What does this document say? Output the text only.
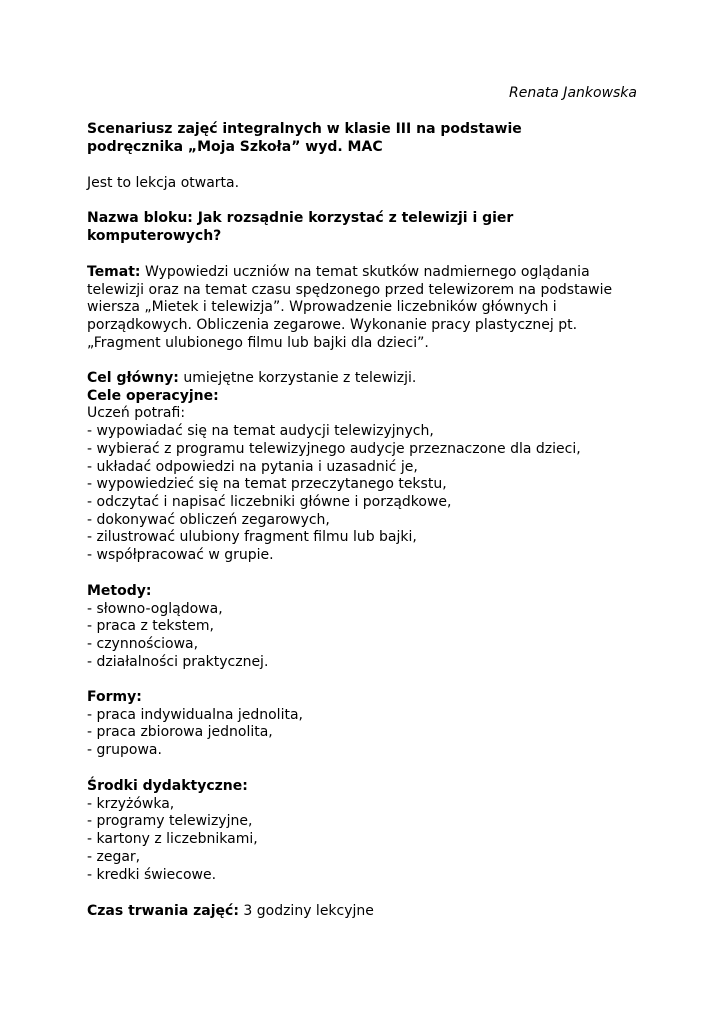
Renata Jankowska
Scenariusz zajęć integralnych w klasie III na podstawie
podręcznika „Moja Szkoła” wyd. MAC
Jest to lekcja otwarta.
Nazwa bloku: Jak rozsądnie korzystać z telewizji i gier
komputerowych?
Temat: Wypowiedzi uczniów na temat skutków nadmiernego oglądania
telewizji oraz na temat czasu spędzonego przed telewizorem na podstawie
wiersza „Mietek i telewizja”. Wprowadzenie liczebników głównych i
porządkowych. Obliczenia zegarowe. Wykonanie pracy plastycznej pt.
„Fragment ulubionego filmu lub bajki dla dzieci”.
Cel główny: umiejętne korzystanie z telewizji.
Cele operacyjne:
Uczeń potrafi:
- wypowiadać się na temat audycji telewizyjnych,
- wybierać z programu telewizyjnego audycje przeznaczone dla dzieci,
- układać odpowiedzi na pytania i uzasadnić je,
- wypowiedzieć się na temat przeczytanego tekstu,
- odczytać i napisać liczebniki główne i porządkowe,
- dokonywać obliczeń zegarowych,
- zilustrować ulubiony fragment filmu lub bajki,
- współpracować w grupie.
Metody:
- słowno-oglądowa,
- praca z tekstem,
- czynnościowa,
- działalności praktycznej.
Formy:
- praca indywidualna jednolita,
- praca zbiorowa jednolita,
- grupowa.
Środki dydaktyczne:
- krzyżówka,
- programy telewizyjne,
- kartony z liczebnikami,
- zegar,
- kredki świecowe.
Czas trwania zajęć: 3 godziny lekcyjne
